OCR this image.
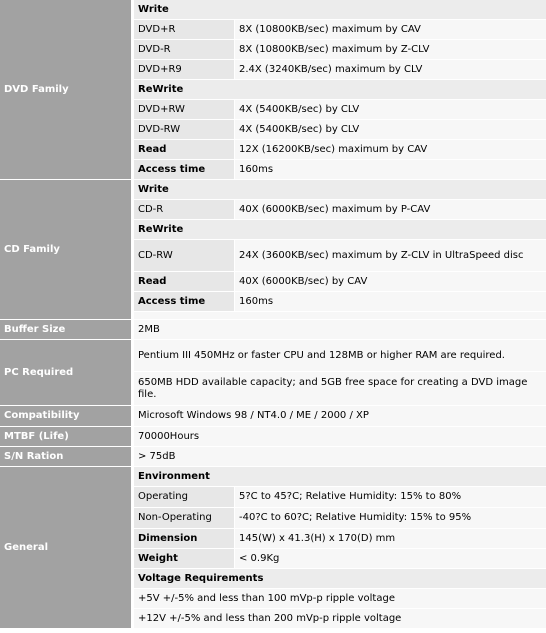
DVD Family	Write	
	DVD+R	8X (10800KB/sec) maximum by CAV
	DVD-R	8X (10800KB/sec) maximum by Z-CLV
	DVD+R9	2.4X (3240KB/sec) maximum by CLV
	ReWrite	
	DVD+RW	4X (5400KB/sec) by CLV
	DVD-RW	4X (5400KB/sec) by CLV
	Read	12X (16200KB/sec) maximum by CAV
	Access time	160ms
CD Family	Write	
	CD-R	40X (6000KB/sec) maximum by P-CAV
	ReWrite	
	CD-RW	24X (3600KB/sec) maximum by Z-CLV in UltraSpeed disc
	Read	40X (6000KB/sec) by CAV
	Access time	160ms

Buffer Size	2MB	
PC Required	Pentium III 450MHz or faster CPU and 128MB or higher RAM are required.	
	650MB HDD available capacity; and 5GB free space for creating a DVD image file.	
Compatibility	Microsoft Windows 98 / NT4.0 / ME / 2000 / XP	
MTBF (Life)	70000Hours	
S/N Ration	> 75dB	
General	Environment	
	Operating	5?C to 45?C; Relative Humidity: 15% to 80%
	Non-Operating	-40?C to 60?C; Relative Humidity: 15% to 95%
	Dimension	145(W) x 41.3(H) x 170(D) mm
	Weight	< 0.9Kg
	Voltage Requirements	
	+5V +/-5% and less than 100 mVp-p ripple voltage	
	+12V +/-5% and less than 200 mVp-p ripple voltage	
